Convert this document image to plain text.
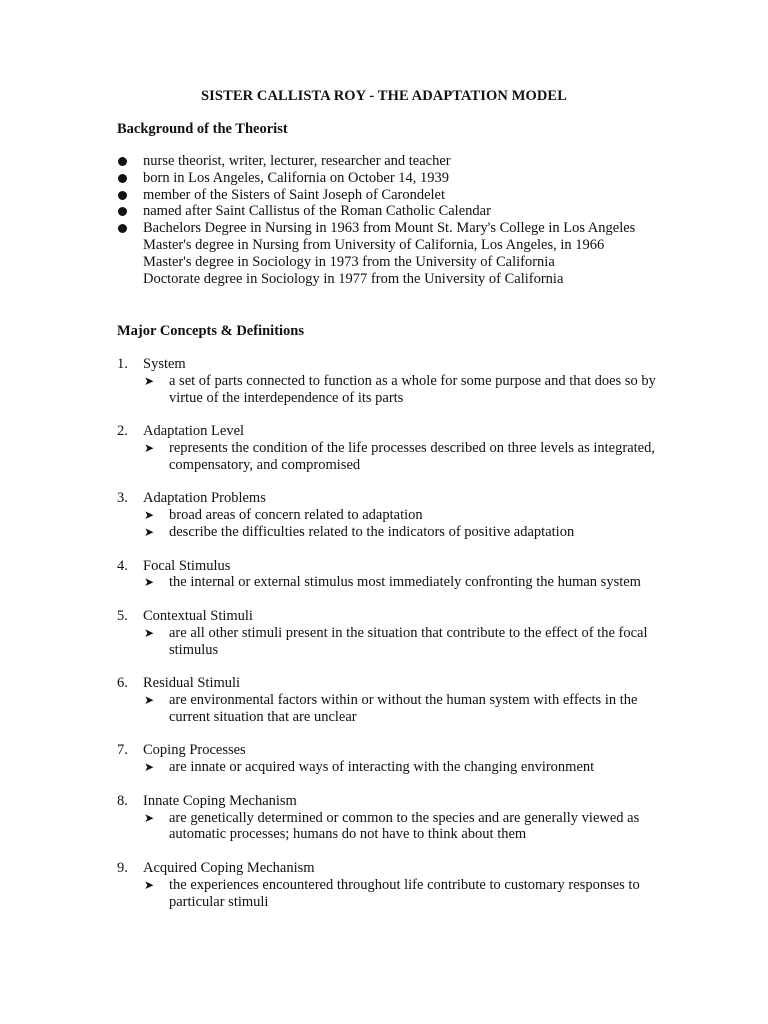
SISTER CALLISTA ROY - THE ADAPTATION MODEL
Background of the Theorist
nurse theorist, writer, lecturer, researcher and teacher
born in Los Angeles, California on October 14, 1939
member of the Sisters of Saint Joseph of Carondelet
named after Saint Callistus of the Roman Catholic Calendar
Bachelors Degree in Nursing in 1963 from Mount St. Mary's College in Los Angeles
Master's degree in Nursing from University of California, Los Angeles, in 1966
Master's degree in Sociology in 1973 from the University of California
Doctorate degree in Sociology in 1977 from the University of California
Major Concepts & Definitions
1.	System
➤ a set of parts connected to function as a whole for some purpose and that does so by virtue of the interdependence of its parts
2.	Adaptation Level
➤ represents the condition of the life processes described on three levels as integrated, compensatory, and compromised
3.	Adaptation Problems
➤ broad areas of concern related to adaptation
➤ describe the difficulties related to the indicators of positive adaptation
4.	Focal Stimulus
➤ the internal or external stimulus most immediately confronting the human system
5.	Contextual Stimuli
➤ are all other stimuli present in the situation that contribute to the effect of the focal stimulus
6.	Residual Stimuli
➤ are environmental factors within or without the human system with effects in the current situation that are unclear
7.	Coping Processes
➤ are innate or acquired ways of interacting with the changing environment
8.	Innate Coping Mechanism
➤ are genetically determined or common to the species and are generally viewed as automatic processes; humans do not have to think about them
9.	Acquired Coping Mechanism
➤ the experiences encountered throughout life contribute to customary responses to particular stimuli
